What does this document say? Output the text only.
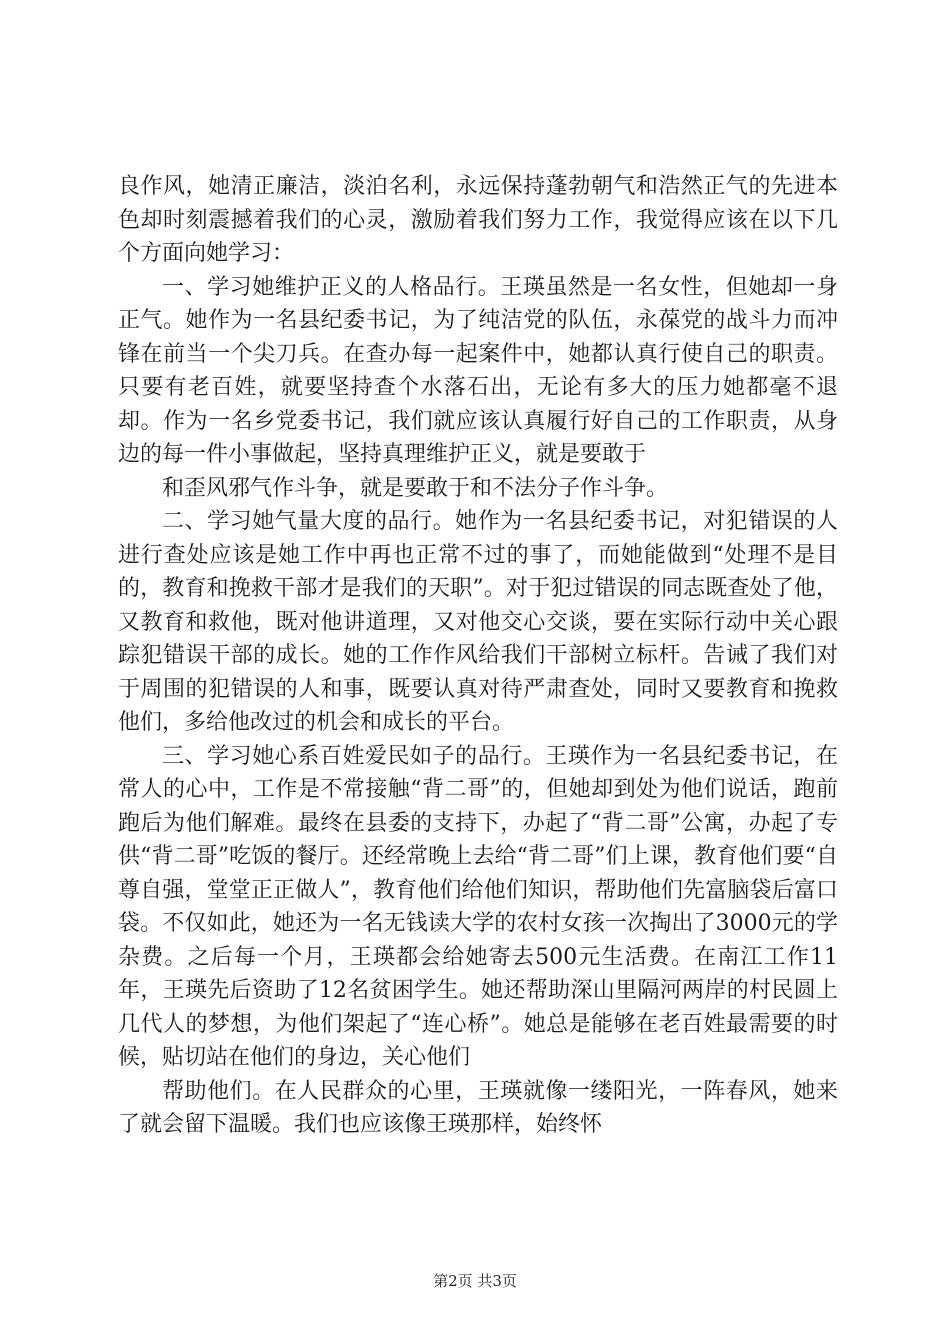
良作风，她清正廉洁，淡泊名利，永远保持蓬勃朝气和浩然正气的先进本色却时刻震撼着我们的心灵，激励着我们努力工作，我觉得应该在以下几个方面向她学习：

一、学习她维护正义的人格品行。王瑛虽然是一名女性，但她却一身正气。她作为一名县纪委书记，为了纯洁党的队伍，永葆党的战斗力而冲锋在前当一个尖刀兵。在查办每一起案件中，她都认真行使自己的职责。只要有老百姓，就要坚持查个水落石出，无论有多大的压力她都毫不退却。作为一名乡党委书记，我们就应该认真履行好自己的工作职责，从身边的每一件小事做起，坚持真理维护正义，就是要敢于

和歪风邪气作斗争，就是要敢于和不法分子作斗争。

二、学习她气量大度的品行。她作为一名县纪委书记，对犯错误的人进行查处应该是她工作中再也正常不过的事了，而她能做到“处理不是目的，教育和挽救干部才是我们的天职”。对于犯过错误的同志既查处了他，又教育和救他，既对他讲道理，又对他交心交谈，要在实际行动中关心跟踪犯错误干部的成长。她的工作作风给我们干部树立标杆。告诫了我们对于周围的犯错误的人和事，既要认真对待严肃查处，同时又要教育和挽救他们，多给他改过的机会和成长的平台。

三、学习她心系百姓爱民如子的品行。王瑛作为一名县纪委书记，在常人的心中，工作是不常接触“背二哥”的，但她却到处为他们说话，跑前跑后为他们解难。最终在县委的支持下，办起了“背二哥”公寓，办起了专供“背二哥”吃饭的餐厅。还经常晚上去给“背二哥”们上课，教育他们要“自尊自强，堂堂正正做人”，教育他们给他们知识，帮助他们先富脑袋后富口袋。不仅如此，她还为一名无钱读大学的农村女孩一次掏出了3000元的学杂费。之后每一个月，王瑛都会给她寄去500元生活费。在南江工作11年，王瑛先后资助了12名贫困学生。她还帮助深山里隔河两岸的村民圆上几代人的梦想，为他们架起了“连心桥”。她总是能够在老百姓最需要的时候，贴切站在他们的身边，关心他们

帮助他们。在人民群众的心里，王瑛就像一缕阳光，一阵春风，她来了就会留下温暖。我们也应该像王瑛那样，始终怀

第2页 共3页
